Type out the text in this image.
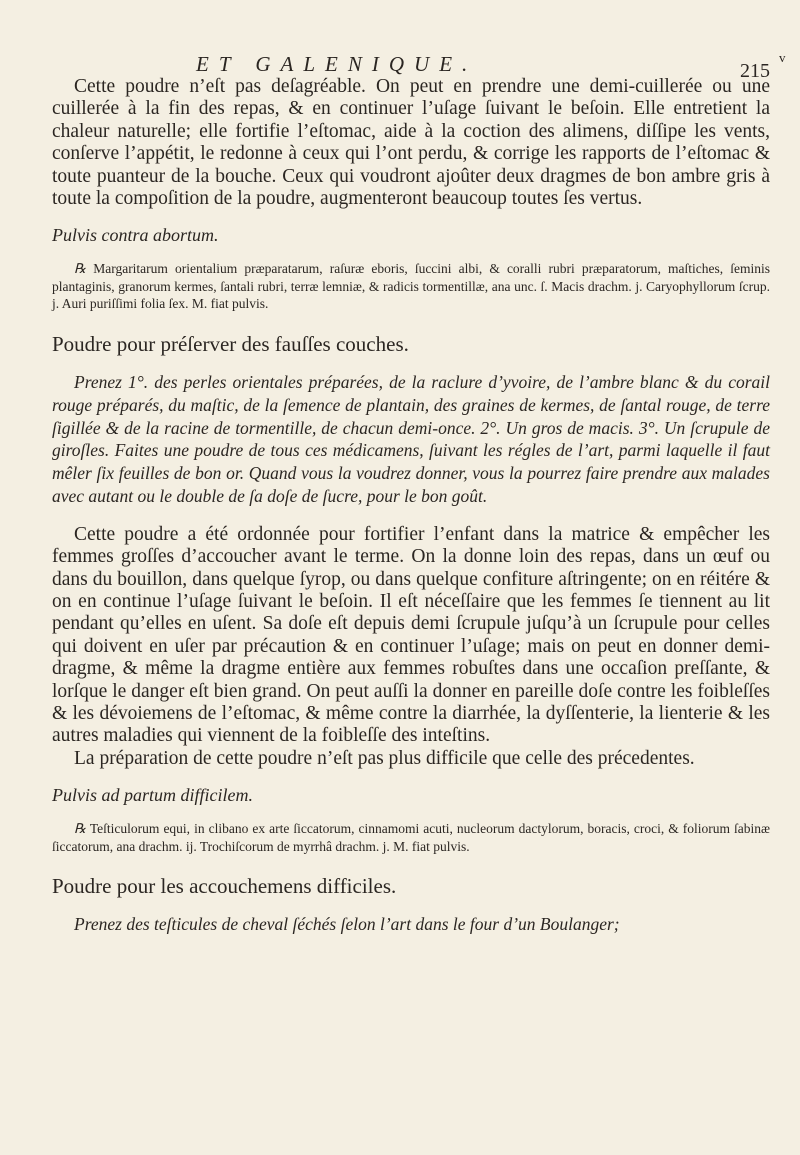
ET GALENIQUE.	215
v

Cette poudre n’eſt pas deſagréable. On peut en prendre une demi-cuillerée ou une cuillerée à la fin des repas, & en continuer l’uſage ſuivant le beſoin. Elle entretient la chaleur naturelle; elle fortifie l’eſtomac, aide à la coction des alimens, diſſipe les vents, conſerve l’appétit, le redonne à ceux qui l’ont perdu, & corrige les rapports de l’eſtomac & toute puanteur de la bouche. Ceux qui voudront ajoûter deux dragmes de bon ambre gris à toute la compoſition de la poudre, augmenteront beaucoup toutes ſes vertus.

Pulvis contra abortum.

℞ Margaritarum orientalium præparatarum, raſuræ eboris, ſuccini albi, & coralli rubri præparatorum, maſtiches, ſeminis plantaginis, granorum kermes, ſantali rubri, terræ lemniæ, & radicis tormentillæ, ana unc. ſ. Macis drachm. j. Caryophyllorum ſcrup. j. Auri puriſſimi folia ſex. M. fiat pulvis.

Poudre pour préſerver des fauſſes couches.

Prenez 1°. des perles orientales préparées, de la raclure d’yvoire, de l’ambre blanc & du corail rouge préparés, du maſtic, de la ſemence de plantain, des graines de kermes, de ſantal rouge, de terre ſigillée & de la racine de tormentille, de chacun demi-once. 2°. Un gros de macis. 3°. Un ſcrupule de giroſles. Faites une poudre de tous ces médicamens, ſuivant les régles de l’art, parmi laquelle il faut mêler ſix feuilles de bon or. Quand vous la voudrez donner, vous la pourrez faire prendre aux malades avec autant ou le double de ſa doſe de ſucre, pour le bon goût.

Cette poudre a été ordonnée pour fortifier l’enfant dans la matrice & empêcher les femmes groſſes d’accoucher avant le terme. On la donne loin des repas, dans un œuf ou dans du bouillon, dans quelque ſyrop, ou dans quelque confiture aſtringente; on en réitére & on en continue l’uſage ſuivant le beſoin. Il eſt néceſſaire que les femmes ſe tiennent au lit pendant qu’elles en uſent. Sa doſe eſt depuis demi ſcrupule juſqu’à un ſcrupule pour celles qui doivent en uſer par précaution & en continuer l’uſage; mais on peut en donner demi-dragme, & même la dragme entière aux femmes robuſtes dans une occaſion preſſante, & lorſque le danger eſt bien grand. On peut auſſi la donner en pareille doſe contre les foibleſſes & les dévoiemens de l’eſtomac, & même contre la diarrhée, la dyſſenterie, la lienterie & les autres maladies qui viennent de la foibleſſe des inteſtins.

La préparation de cette poudre n’eſt pas plus difficile que celle des précedentes.

Pulvis ad partum difficilem.

℞ Teſticulorum equi, in clibano ex arte ſiccatorum, cinnamomi acuti, nucleorum dactylorum, boracis, croci, & foliorum ſabinæ ſiccatorum, ana drachm. ij. Trochiſcorum de myrrhâ drachm. j. M. fiat pulvis.

Poudre pour les accouchemens difficiles.

Prenez des teſticules de cheval ſéchés ſelon l’art dans le four d’un Boulanger;
